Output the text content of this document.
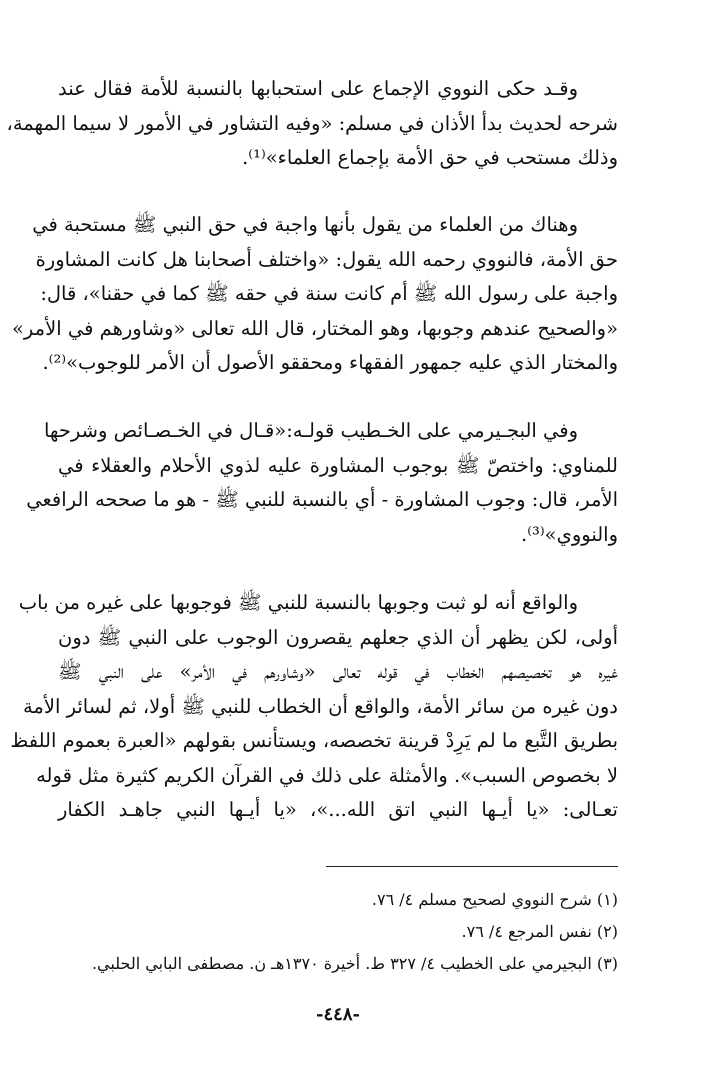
وقـد حكى النووي الإجماع على استحبابها بالنسبة للأمة فقال عند
شرحه لحديث بدأ الأذان في مسلم: «وفيه التشاور في الأمور لا سيما المهمة،
وذلك مستحب في حق الأمة بإجماع العلماء»⁽¹⁾.
وهناك من العلماء من يقول بأنها واجبة في حق النبي ﷺ مستحبة في
حق الأمة، فالنووي رحمه الله يقول: «واختلف أصحابنا هل كانت المشاورة
واجبة على رسول الله ﷺ أم كانت سنة في حقه ﷺ كما في حقنا»، قال:
«والصحيح عندهم وجوبها، وهو المختار، قال الله تعالى «وشاورهم في الأمر»
والمختار الذي عليه جمهور الفقهاء ومحققو الأصول أن الأمر للوجوب»⁽²⁾.
وفي البجـيرمي على الخـطيب قولـه:«قـال في الخـصـائص وشرحها
للمناوي: واختصّ ﷺ بوجوب المشاورة عليه لذوي الأحلام والعقلاء في
الأمر، قال: وجوب المشاورة - أي بالنسبة للنبي ﷺ - هو ما صححه الرافعي
والنووي»⁽³⁾.
والواقع أنه لو ثبت وجوبها بالنسبة للنبي ﷺ فوجوبها على غيره من باب
أولى، لكن يظهر أن الذي جعلهم يقصرون الوجوب على النبي ﷺ دون
غيره هو تخصيصهم الخطاب في قوله تعالى «وشاورهم في الأمر» على النبي ﷺ
دون غيره من سائر الأمة، والواقع أن الخطاب للنبي ﷺ أولا، ثم لسائر الأمة
بطريق التَّبع ما لم يَرِدْ قرينة تخصصه، ويستأنس بقولهم «العبرة بعموم اللفظ
لا بخصوص السبب». والأمثلة على ذلك في القرآن الكريم كثيرة مثل قوله
تعـالى: «يا أيـها النبي اتق الله...»، «يا أيـها النبي جاهـد الكفار
(١) شرح النووي لصحيح مسلم ٤/ ٧٦.
(٢) نفس المرجع ٤/ ٧٦.
(٣) البجيرمي على الخطيب ٤/ ٣٢٧ ط. أخيرة ١٣٧٠هـ ن. مصطفى البابي الحلبي.
-٤٤٨-
